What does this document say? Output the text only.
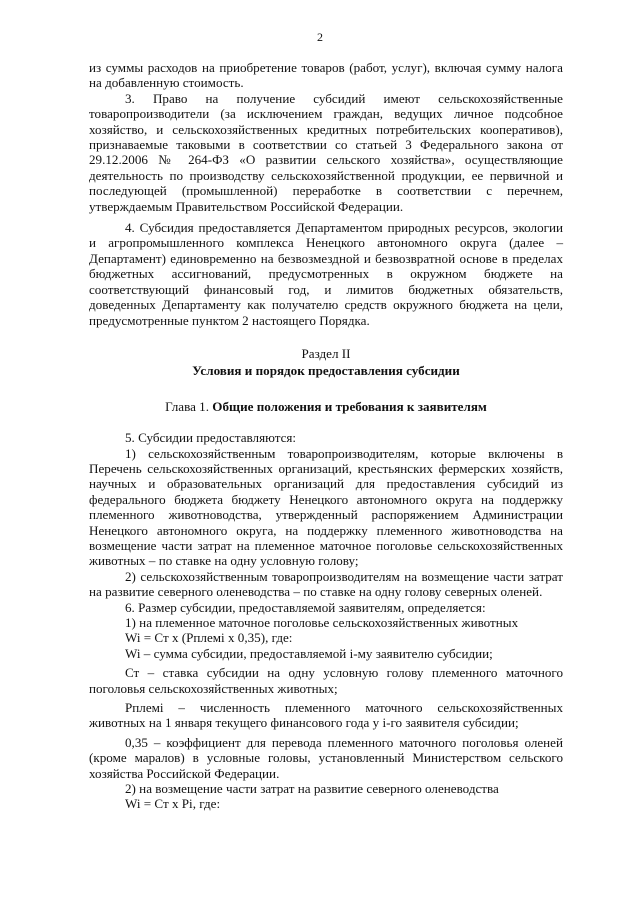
2

из суммы расходов на приобретение товаров (работ, услуг), включая сумму налога на добавленную стоимость.

3. Право на получение субсидий имеют сельскохозяйственные товаропроизводители (за исключением граждан, ведущих личное подсобное хозяйство, и сельскохозяйственных кредитных потребительских кооперативов), признаваемые таковыми в соответствии со статьей 3 Федерального закона от 29.12.2006 № 264-ФЗ «О развитии сельского хозяйства», осуществляющие деятельность по производству сельскохозяйственной продукции, ее первичной и последующей (промышленной) переработке в соответствии с перечнем, утверждаемым Правительством Российской Федерации.

4. Субсидия предоставляется Департаментом природных ресурсов, экологии и агропромышленного комплекса Ненецкого автономного округа (далее – Департамент) единовременно на безвозмездной и безвозвратной основе в пределах бюджетных ассигнований, предусмотренных в окружном бюджете на соответствующий финансовый год, и лимитов бюджетных обязательств, доведенных Департаменту как получателю средств окружного бюджета на цели, предусмотренные пунктом 2 настоящего Порядка.

Раздел II
Условия и порядок предоставления субсидии
Глава 1. Общие положения и требования к заявителям

5. Субсидии предоставляются:

1) сельскохозяйственным товаропроизводителям, которые включены в Перечень сельскохозяйственных организаций, крестьянских фермерских хозяйств, научных и образовательных организаций для предоставления субсидий из федерального бюджета бюджету Ненецкого автономного округа на поддержку племенного животноводства, утвержденный распоряжением Администрации Ненецкого автономного округа, на поддержку племенного животноводства на возмещение части затрат на племенное маточное поголовье сельскохозяйственных животных – по ставке на одну условную голову;

2) сельскохозяйственным товаропроизводителям на возмещение части затрат на развитие северного оленеводства – по ставке на одну голову северных оленей.

6. Размер субсидии, предоставляемой заявителям, определяется:

1) на племенное маточное поголовье сельскохозяйственных животных

Wi = Ст х (Рплемi х 0,35), где:

Wi – сумма субсидии, предоставляемой i-му заявителю субсидии;

Ст – ставка субсидии на одну условную голову племенного маточного поголовья сельскохозяйственных животных;

Рплемi – численность племенного маточного сельскохозяйственных животных на 1 января текущего финансового года у i-го заявителя субсидии;

0,35 – коэффициент для перевода племенного маточного поголовья оленей (кроме маралов) в условные головы, установленный Министерством сельского хозяйства Российской Федерации.

2) на возмещение части затрат на развитие северного оленеводства

Wi = Ст х Рi, где:
